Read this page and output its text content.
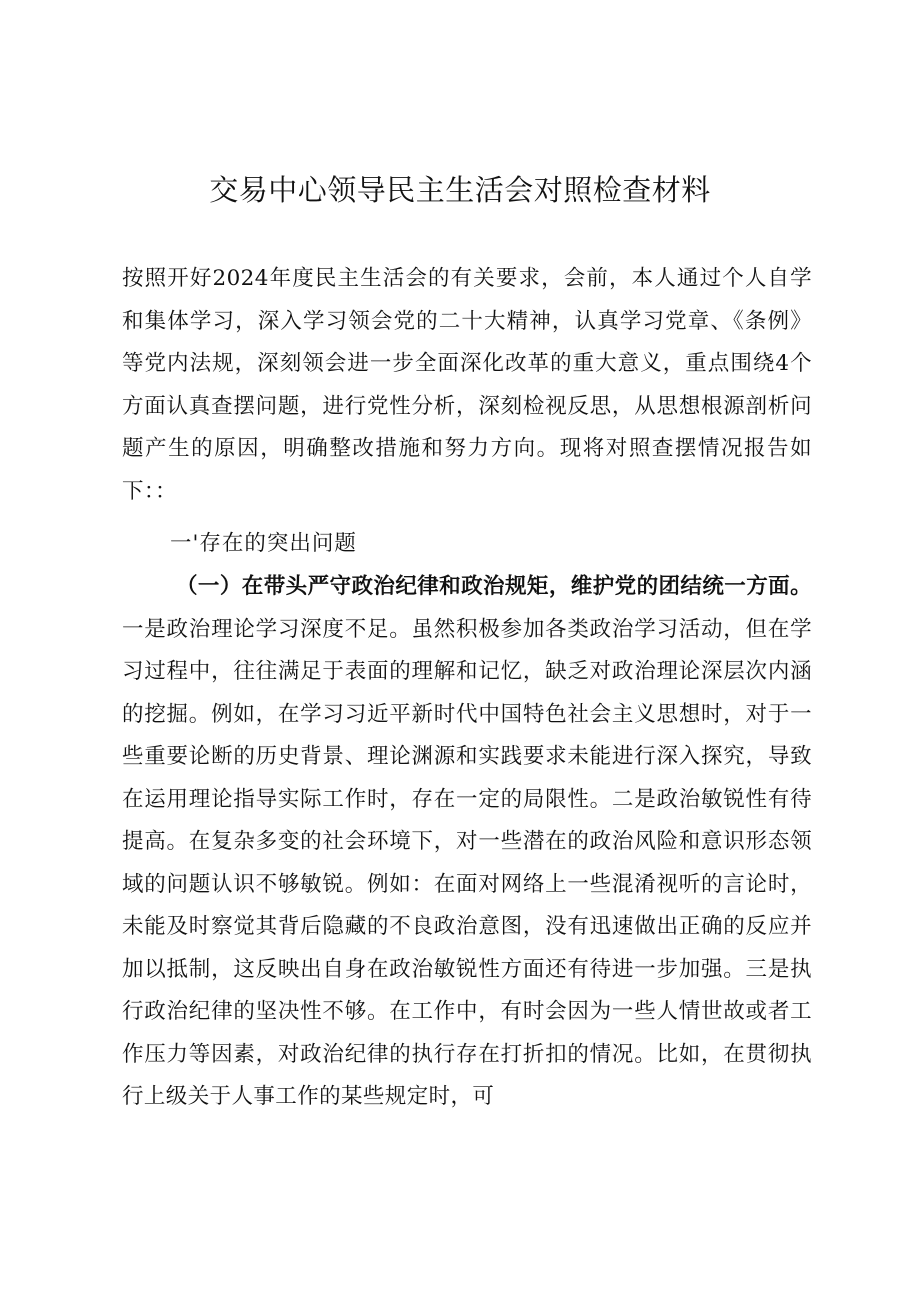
交易中心领导民主生活会对照检查材料
按照开好2024年度民主生活会的有关要求，会前，本人通过个人自学和集体学习，深入学习领会党的二十大精神，认真学习党章、《条例》等党内法规，深刻领会进一步全面深化改革的重大意义，重点围绕4个方面认真查摆问题，进行党性分析，深刻检视反思，从思想根源剖析问题产生的原因，明确整改措施和努力方向。现将对照查摆情况报告如下：：
一'存在的突出问题
（一）在带头严守政治纪律和政治规矩，维护党的团结统一方面。一是政治理论学习深度不足。虽然积极参加各类政治学习活动，但在学习过程中，往往满足于表面的理解和记忆，缺乏对政治理论深层次内涵的挖掘。例如，在学习习近平新时代中国特色社会主义思想时，对于一些重要论断的历史背景、理论渊源和实践要求未能进行深入探究，导致在运用理论指导实际工作时，存在一定的局限性。二是政治敏锐性有待提高。在复杂多变的社会环境下，对一些潜在的政治风险和意识形态领域的问题认识不够敏锐。例如：在面对网络上一些混淆视听的言论时，未能及时察觉其背后隐藏的不良政治意图，没有迅速做出正确的反应并加以抵制，这反映出自身在政治敏锐性方面还有待进一步加强。三是执行政治纪律的坚决性不够。在工作中，有时会因为一些人情世故或者工作压力等因素，对政治纪律的执行存在打折扣的情况。比如，在贯彻执行上级关于人事工作的某些规定时，可
